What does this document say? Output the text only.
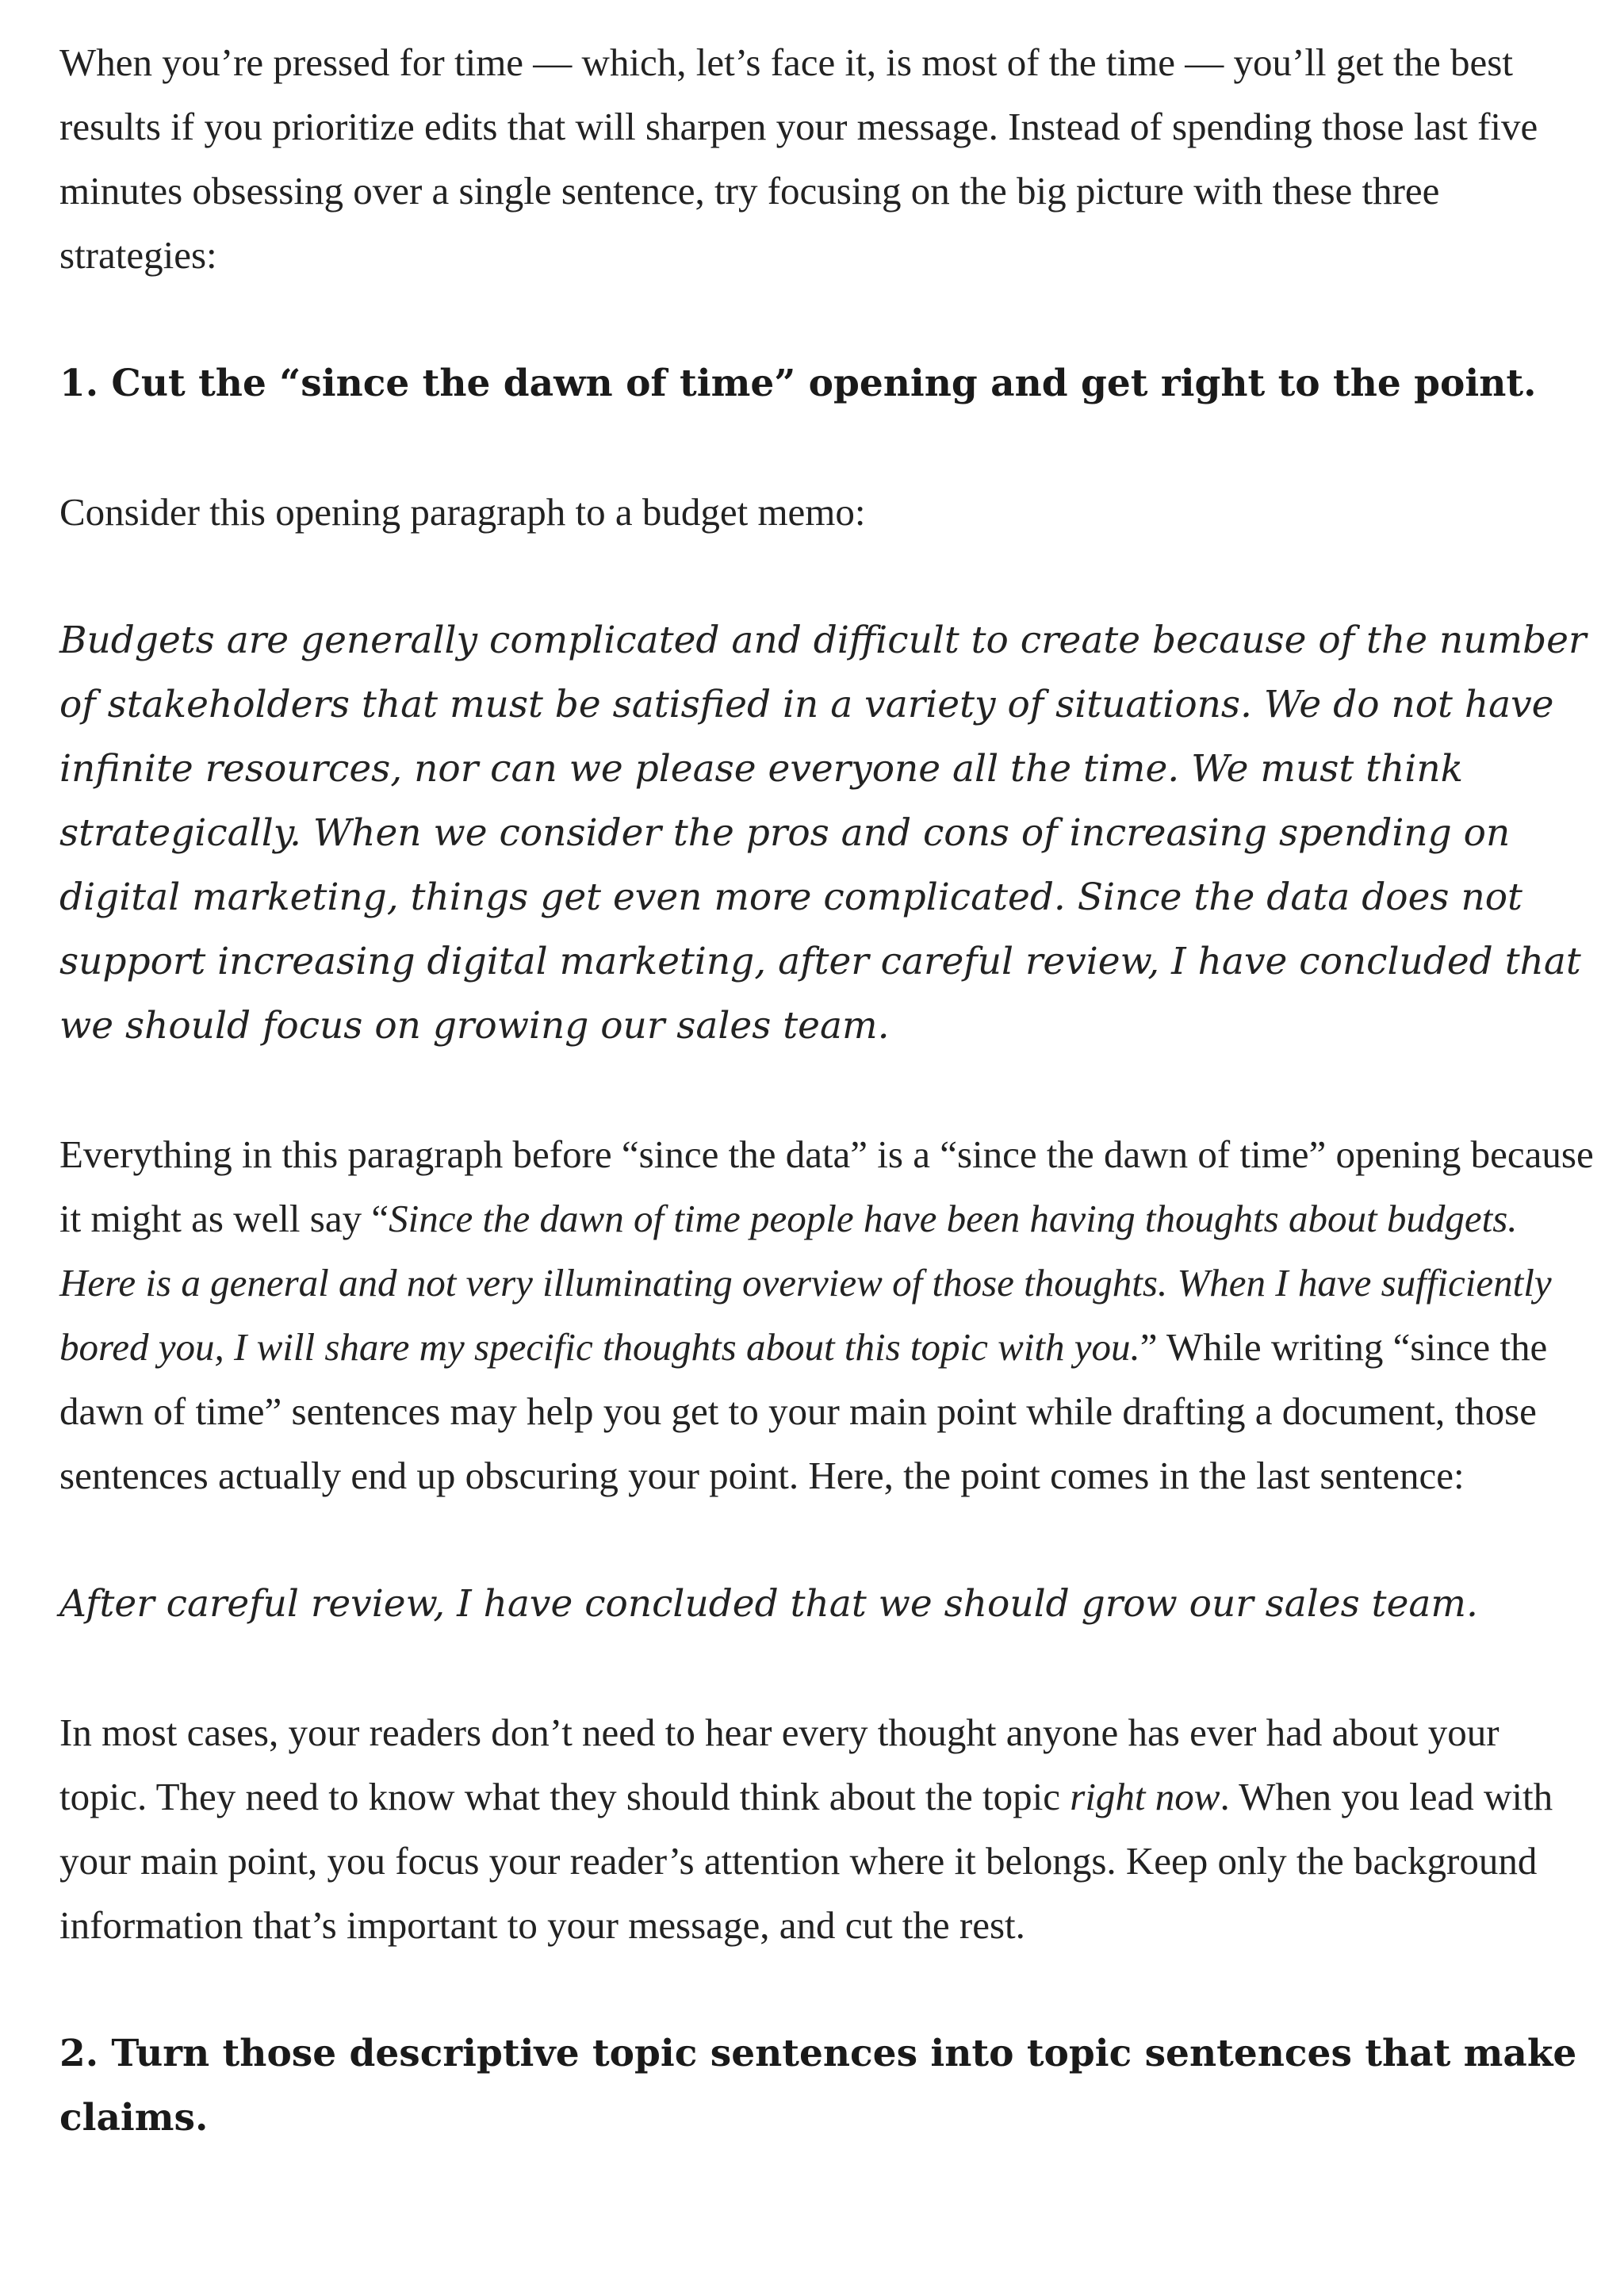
When you’re pressed for time — which, let’s face it, is most of the time — you’ll get the best results if you prioritize edits that will sharpen your message. Instead of spending those last five minutes obsessing over a single sentence, try focusing on the big picture with these three strategies:

1. Cut the “since the dawn of time” opening and get right to the point.

Consider this opening paragraph to a budget memo:

Budgets are generally complicated and difficult to create because of the number of stakeholders that must be satisfied in a variety of situations. We do not have infinite resources, nor can we please everyone all the time. We must think strategically. When we consider the pros and cons of increasing spending on digital marketing, things get even more complicated. Since the data does not support increasing digital marketing, after careful review, I have concluded that we should focus on growing our sales team.

Everything in this paragraph before “since the data” is a “since the dawn of time” opening because it might as well say “Since the dawn of time people have been having thoughts about budgets. Here is a general and not very illuminating overview of those thoughts. When I have sufficiently bored you, I will share my specific thoughts about this topic with you.” While writing “since the dawn of time” sentences may help you get to your main point while drafting a document, those sentences actually end up obscuring your point. Here, the point comes in the last sentence:

After careful review, I have concluded that we should grow our sales team.

In most cases, your readers don’t need to hear every thought anyone has ever had about your topic. They need to know what they should think about the topic right now. When you lead with your main point, you focus your reader’s attention where it belongs. Keep only the background information that’s important to your message, and cut the rest.

2. Turn those descriptive topic sentences into topic sentences that make claims.
